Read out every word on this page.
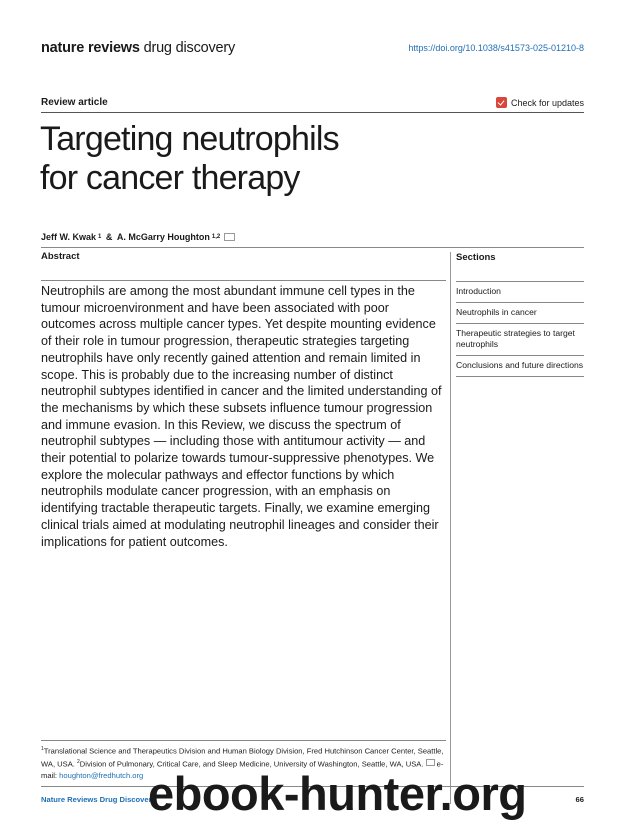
nature reviews drug discovery	https://doi.org/10.1038/s41573-025-01210-8
Review article	Check for updates
Targeting neutrophils
for cancer therapy
Jeff W. Kwak 1 & A. McGarry Houghton 1,2
Abstract	Sections
Neutrophils are among the most abundant immune cell types in the tumour microenvironment and have been associated with poor outcomes across multiple cancer types. Yet despite mounting evidence of their role in tumour progression, therapeutic strategies targeting neutrophils have only recently gained attention and remain limited in scope. This is probably due to the increasing number of distinct neutrophil subtypes identified in cancer and the limited understanding of the mechanisms by which these subsets influence tumour progression and immune evasion. In this Review, we discuss the spectrum of neutrophil subtypes — including those with antitumour activity — and their potential to polarize towards tumour-suppressive phenotypes. We explore the molecular pathways and effector functions by which neutrophils modulate cancer progression, with an emphasis on identifying tractable therapeutic targets. Finally, we examine emerging clinical trials aimed at modulating neutrophil lineages and consider their implications for patient outcomes.
Introduction
Neutrophils in cancer
Therapeutic strategies to target neutrophils
Conclusions and future directions
$^1$Translational Science and Therapeutics Division and Human Biology Division, Fred Hutchinson Cancer Center, Seattle, WA, USA. $^2$Division of Pulmonary, Critical Care, and Sleep Medicine, University of Washington, Seattle, WA, USA. e-mail: houghton@fredhutch.org
Nature Reviews Drug Discovery	66
ebook-hunter.org
